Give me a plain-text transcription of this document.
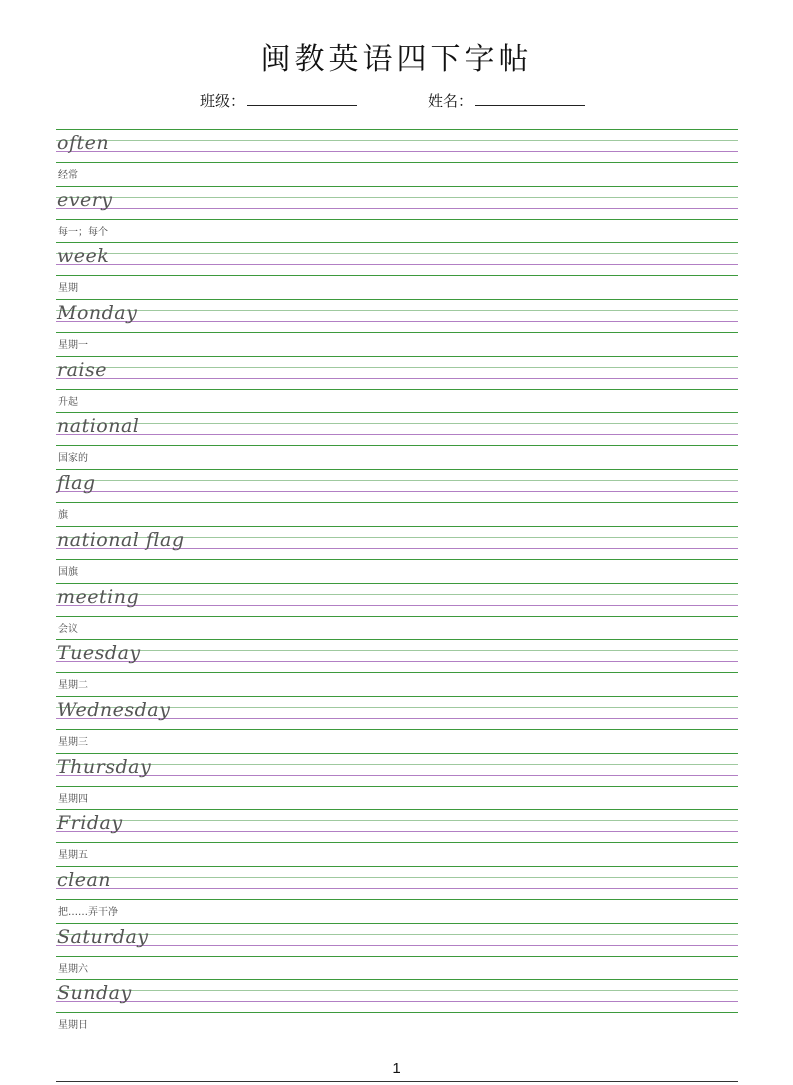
闽教英语四下字帖
班级：	姓名：
often
经常
every
每一；每个
week
星期
Monday
星期一
raise
升起
national
国家的
flag
旗
national flag
国旗
meeting
会议
Tuesday
星期二
Wednesday
星期三
Thursday
星期四
Friday
星期五
clean
把……弄干净
Saturday
星期六
Sunday
星期日
1
